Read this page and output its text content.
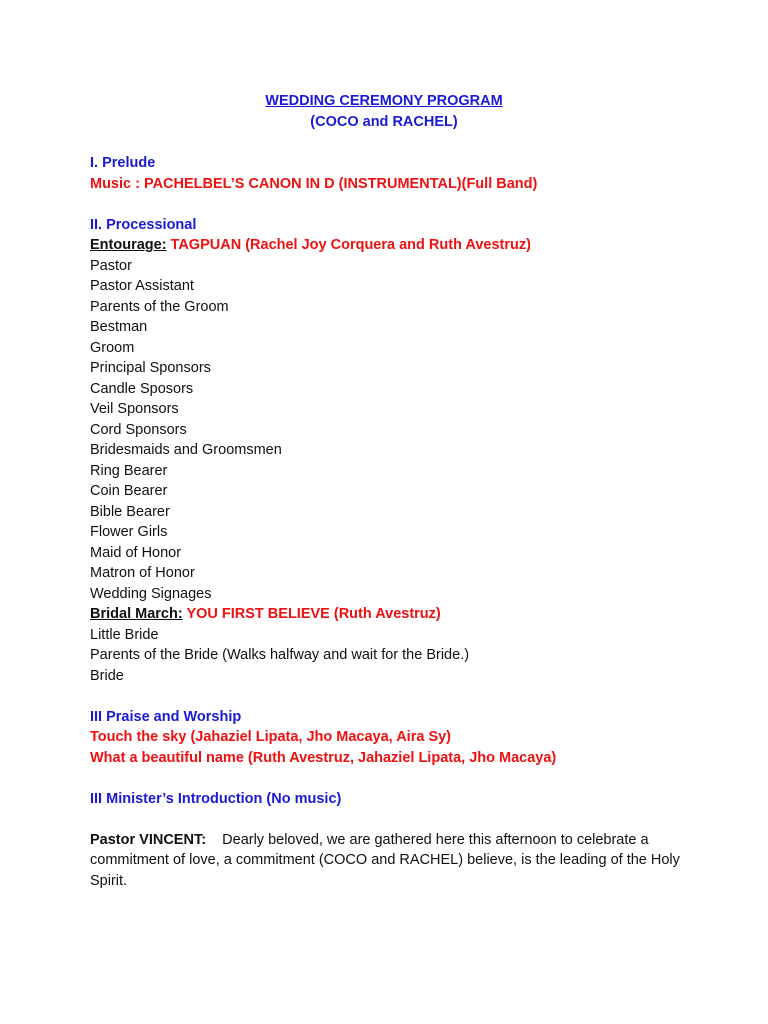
WEDDING CEREMONY PROGRAM
(COCO and RACHEL)
I. Prelude
Music : PACHELBEL’S CANON IN D (INSTRUMENTAL)(Full Band)
II. Processional
Entourage: TAGPUAN (Rachel Joy Corquera and Ruth Avestruz)
Pastor
Pastor Assistant
Parents of the Groom
Bestman
Groom
Principal Sponsors
Candle Sposors
Veil Sponsors
Cord Sponsors
Bridesmaids and Groomsmen
Ring Bearer
Coin Bearer
Bible Bearer
Flower Girls
Maid of Honor
Matron of Honor
Wedding Signages
Bridal March: YOU FIRST BELIEVE (Ruth Avestruz)
Little Bride
Parents of the Bride (Walks halfway and wait for the Bride.)
Bride
III Praise and Worship
Touch the sky (Jahaziel Lipata, Jho Macaya, Aira Sy)
What a beautiful name (Ruth Avestruz, Jahaziel Lipata, Jho Macaya)
III Minister’s Introduction (No music)
Pastor VINCENT: Dearly beloved, we are gathered here this afternoon to celebrate a commitment of love, a commitment (COCO and RACHEL) believe, is the leading of the Holy Spirit.
